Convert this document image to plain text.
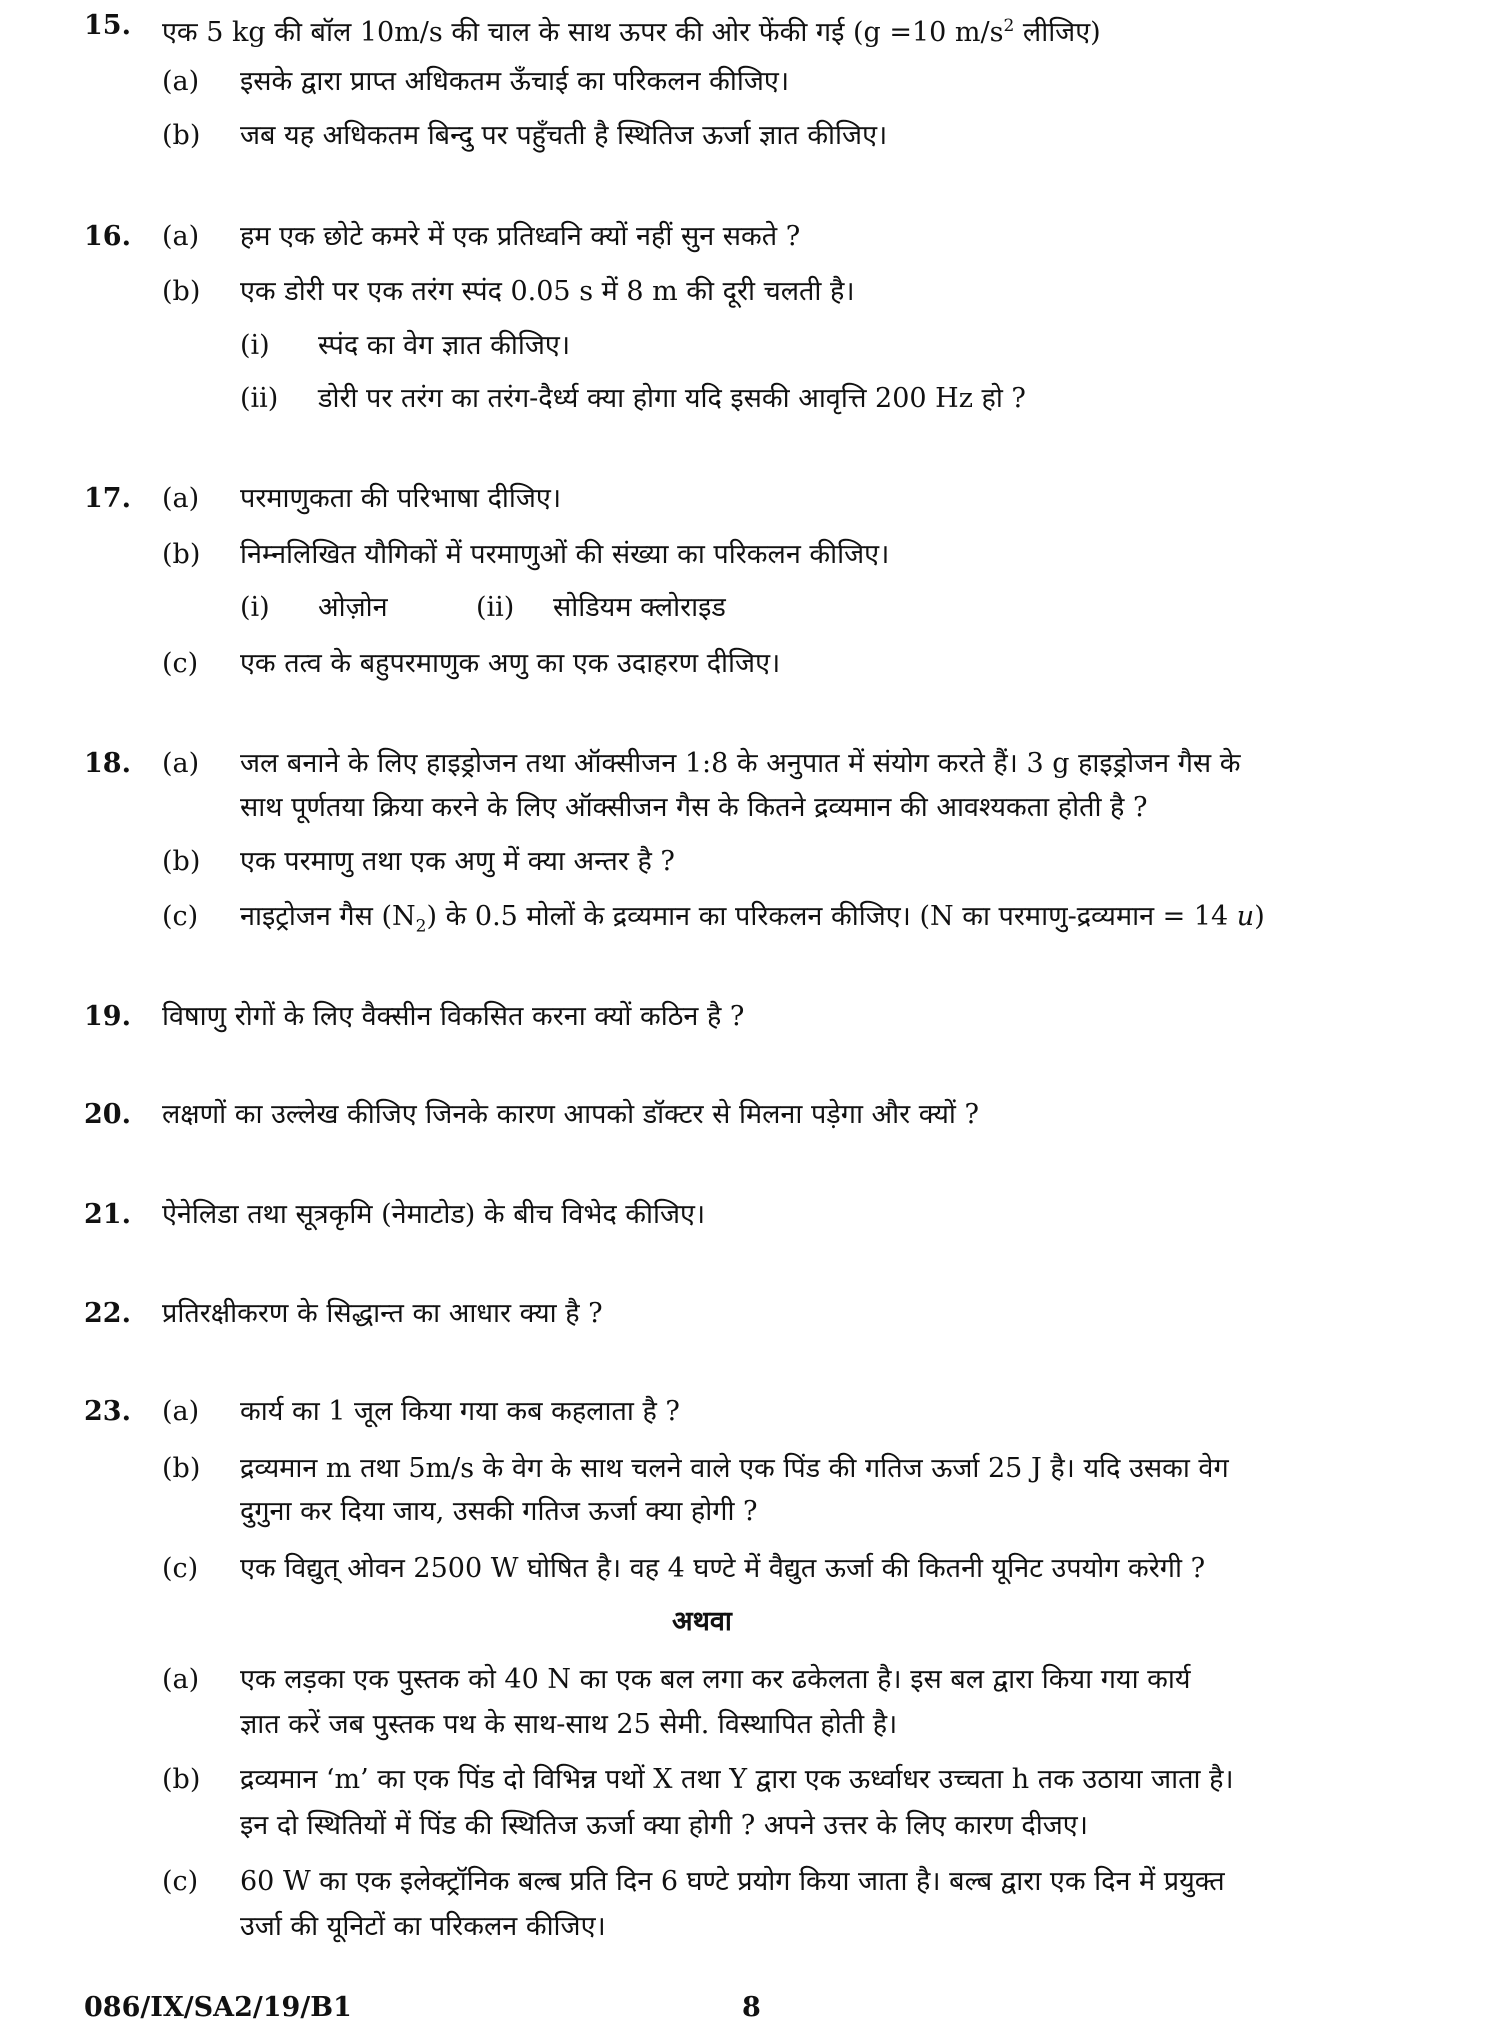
15. एक 5 kg की बॉल 10m/s की चाल के साथ ऊपर की ओर फेंकी गई (g =10 $m/s^2$ लीजिए)
(a) इसके द्वारा प्राप्त अधिकतम ऊँचाई का परिकलन कीजिए।
(b) जब यह अधिकतम बिन्दु पर पहुँचती है स्थितिज ऊर्जा ज्ञात कीजिए।
16. (a) हम एक छोटे कमरे में एक प्रतिध्वनि क्यों नहीं सुन सकते ?
(b) एक डोरी पर एक तरंग स्पंद 0.05 s में 8 m की दूरी चलती है।
(i) स्पंद का वेग ज्ञात कीजिए।
(ii) डोरी पर तरंग का तरंग-दैर्ध्य क्या होगा यदि इसकी आवृत्ति 200 Hz हो ?
17. (a) परमाणुकता की परिभाषा दीजिए।
(b) निम्नलिखित यौगिकों में परमाणुओं की संख्या का परिकलन कीजिए।
(i) ओज़ोन	(ii) सोडियम क्लोराइड
(c) एक तत्व के बहुपरमाणुक अणु का एक उदाहरण दीजिए।
18. (a) जल बनाने के लिए हाइड्रोजन तथा ऑक्सीजन 1:8 के अनुपात में संयोग करते हैं। 3 g हाइड्रोजन गैस के
साथ पूर्णतया क्रिया करने के लिए ऑक्सीजन गैस के कितने द्रव्यमान की आवश्यकता होती है ?
(b) एक परमाणु तथा एक अणु में क्या अन्तर है ?
(c) नाइट्रोजन गैस $(N_2)$ के 0.5 मोलों के द्रव्यमान का परिकलन कीजिए। (N का परमाणु-द्रव्यमान = 14 u)
19. विषाणु रोगों के लिए वैक्सीन विकसित करना क्यों कठिन है ?
20. लक्षणों का उल्लेख कीजिए जिनके कारण आपको डॉक्टर से मिलना पड़ेगा और क्यों ?
21. ऐनेलिडा तथा सूत्रकृमि (नेमाटोड) के बीच विभेद कीजिए।
22. प्रतिरक्षीकरण के सिद्धान्त का आधार क्या है ?
23. (a) कार्य का 1 जूल किया गया कब कहलाता है ?
(b) द्रव्यमान m तथा 5m/s के वेग के साथ चलने वाले एक पिंड की गतिज ऊर्जा 25 J है। यदि उसका वेग
दुगुना कर दिया जाय, उसकी गतिज ऊर्जा क्या होगी ?
(c) एक विद्युत् ओवन 2500 W घोषित है। वह 4 घण्टे में वैद्युत ऊर्जा की कितनी यूनिट उपयोग करेगी ?
अथवा
(a) एक लड़का एक पुस्तक को 40 N का एक बल लगा कर ढकेलता है। इस बल द्वारा किया गया कार्य
ज्ञात करें जब पुस्तक पथ के साथ-साथ 25 सेमी. विस्थापित होती है।
(b) द्रव्यमान ‘m’ का एक पिंड दो विभिन्न पथों X तथा Y द्वारा एक ऊर्ध्वाधर उच्चता h तक उठाया जाता है।
इन दो स्थितियों में पिंड की स्थितिज ऊर्जा क्या होगी ? अपने उत्तर के लिए कारण दीजए।
(c) 60 W का एक इलेक्ट्रॉनिक बल्ब प्रति दिन 6 घण्टे प्रयोग किया जाता है। बल्ब द्वारा एक दिन में प्रयुक्त
उर्जा की यूनिटों का परिकलन कीजिए।
086/IX/SA2/19/B1	8
